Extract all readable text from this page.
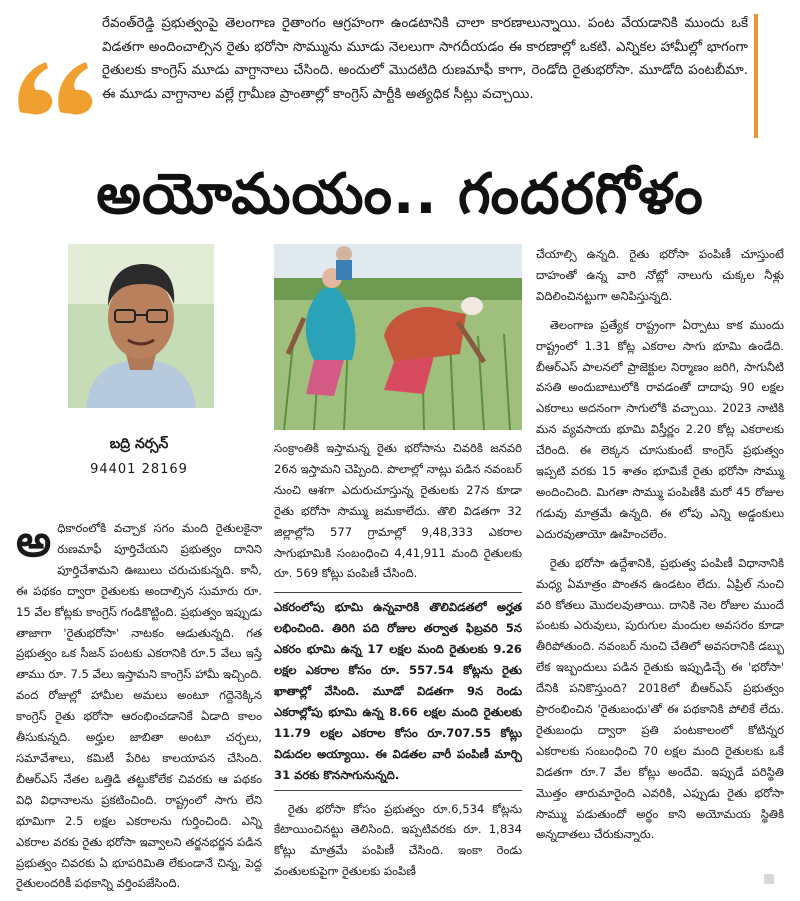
రేవంత్‌రెడ్డి ప్రభుత్వంపై తెలంగాణ రైతాంగం ఆగ్రహంగా ఉండటానికి చాలా కారణాలున్నాయి. పంట వేయడానికి ముందు ఒకే విడతగా అందించాల్సిన రైతు భరోసా సొమ్మును మూడు నెలలుగా సాగదీయడం ఈ కారణాల్లో ఒకటి. ఎన్నికల హామీల్లో భాగంగా రైతులకు కాంగ్రెస్ మూడు వాగ్దానాలు చేసింది. అందులో మొదటిది రుణమాఫీ కాగా, రెండోది రైతుభరోసా. మూడోది పంటబీమా. ఈ మూడు వాగ్దానాల వల్లే గ్రామీణ ప్రాంతాల్లో కాంగ్రెస్ పార్టీకి అత్యధిక సీట్లు వచ్చాయి.
అయోమయం.. గందరగోళం
బద్రి నర్సన్
94401 28169

అధికారంలోకి వచ్చాక సగం మంది రైతులకైనా రుణమాఫీ పూర్తిచేయని ప్రభుత్వం దానిని పూర్తిచేశామని ఊబులు చరుచుకున్నది. కానీ, ఈ పథకం ద్వారా రైతులకు అందాల్సిన సుమారు రూ. 15 వేల కోట్లకు కాంగ్రెస్ గండికొట్టింది. ప్రభుత్వం ఇప్పుడు తాజాగా 'రైతుభరోసా' నాటకం ఆడుతున్నది. గత ప్రభుత్వం ఒక సీజన్ పంటకు ఎకరానికి రూ.5 వేలు ఇస్తే తాము రూ. 7.5 వేలు ఇస్తామని కాంగ్రెస్ హామీ ఇచ్చింది. వంద రోజుల్లో హామీల అమలు అంటూ గద్దెనెక్కిన కాంగ్రెస్ రైతు భరోసా ఆరంభించడానికే ఏడాది కాలం తీసుకున్నది. అర్హుల జాబితా అంటూ చర్చలు, సమావేశాలు, కమిటీ పేరిట కాలయాపన చేసింది. బీఆర్‌ఎస్ నేతల ఒత్తిడి తట్టుకోలేక చివరకు ఆ పథకం విధి విధానాలను ప్రకటించింది. రాష్ట్రంలో సాగు లేని భూమిగా 2.5 లక్షల ఎకరాలను గుర్తించింది. ఎన్ని ఎకరాల వరకు రైతు భరోసా ఇవ్వాలని తర్జనభర్జన పడిన ప్రభుత్వం చివరకు ఏ భూపరిమితి లేకుండానే చిన్న, పెద్ద రైతులందరికీ పథకాన్ని వర్తింపజేసింది.

సంక్రాంతికి ఇస్తామన్న రైతు భరోసాను చివరికి జనవరి 26న ఇస్తామని చెప్పింది. పొలాల్లో నాట్లు పడిన నవంబర్ నుంచి ఆశగా ఎదురుచూస్తున్న రైతులకు 27న కూడా రైతు భరోసా సొమ్ము జమకాలేదు. తొలి విడతగా 32 జిల్లాల్లోని 577 గ్రామాల్లో 9,48,333 ఎకరాల సాగుభూమికి సంబంధించి 4,41,911 మంది రైతులకు రూ. 569 కోట్లు పంపిణీ చేసింది.

ఎకరంలోపు భూమి ఉన్నవారికి తొలివిడతలో అర్హత లభించింది. తిరిగి పది రోజుల తర్వాత ఫిబ్రవరి 5న ఎకరం భూమి ఉన్న 17 లక్షల మంది రైతులకు 9.26 లక్షల ఎకరాల కోసం రూ. 557.54 కోట్లను రైతు ఖాతాల్లో వేసింది. మూడో విడతగా 9న రెండు ఎకరాల్లోపు భూమి ఉన్న 8.66 లక్షల మంది రైతులకు 11.79 లక్షల ఎకరాల కోసం రూ.707.55 కోట్లు విడుదల అయ్యాయి. ఈ విడతల వారీ పంపిణీ మార్చి 31 వరకు కొనసాగునున్నది.

రైతు భరోసా కోసం ప్రభుత్వం రూ.6,534 కోట్లను కేటాయించినట్టు తెలిసింది. ఇప్పటివరకు రూ. 1,834 కోట్లు మాత్రమే పంపిణీ చేసింది. ఇంకా రెండు వంతులకుపైగా రైతులకు పంపిణీ

చేయాల్సి ఉన్నది. రైతు భరోసా పంపిణీ చూస్తుంటే దాహంతో ఉన్న వారి నోట్లో నాలుగు చుక్కల నీళ్లు విదిలించినట్టుగా అనిపిస్తున్నది.

తెలంగాణ ప్రత్యేక రాష్ట్రంగా ఏర్పాటు కాక ముందు రాష్ట్రంలో 1.31 కోట్ల ఎకరాల సాగు భూమి ఉండేది. బీఆర్‌ఎస్ పాలనలో ప్రాజెక్టుల నిర్మాణం జరిగి, సాగునీటి వసతి అందుబాటులోకి రావడంతో దాదాపు 90 లక్షల ఎకరాలు అదనంగా సాగులోకి వచ్చాయి. 2023 నాటికి మన వ్యవసాయ భూమి విస్తీర్ణం 2.20 కోట్ల ఎకరాలకు చేరింది. ఈ లెక్కన చూసుకుంటే కాంగ్రెస్ ప్రభుత్వం ఇప్పటి వరకు 15 శాతం భూమికే రైతు భరోసా సొమ్ము అందించింది. మిగతా సొమ్ము పంపిణీకి మరో 45 రోజుల గడువు మాత్రమే ఉన్నది. ఈ లోపు ఎన్ని అడ్డంకులు ఎదురవుతాయో ఊహించలేం.

రైతు భరోసా ఉద్దేశానికి, ప్రభుత్వ పంపిణీ విధానానికి మధ్య ఏమాత్రం పొంతన ఉండటం లేదు. ఏప్రిల్ నుంచి వరి కోతలు మొదలవుతాయి. దానికి నెల రోజుల ముందే పంటకు ఎరువులు, పురుగుల మందుల అవసరం కూడా తీరిపోతుంది. నవంబర్ నుంచి చేతిలో అవసరానికి డబ్బు లేక ఇబ్బందులు పడిన రైతుకు ఇప్పుడిచ్చే ఈ 'భరోసా' దేనికి పనికొస్తుంది? 2018లో బీఆర్‌ఎస్ ప్రభుత్వం ప్రారంభించిన 'రైతుబంధు'తో ఈ పథకానికి పోలికే లేదు. రైతుబంధు ద్వారా ప్రతి పంటకాలంలో కోటిన్నర ఎకరాలకు సంబంధించి 70 లక్షల మంది రైతులకు ఒకే విడతగా రూ.7 వేల కోట్లు అందేవి. ఇప్పుడే పరిస్థితి మొత్తం తారుమారైంది ఎవరికి, ఎప్పుడు రైతు భరోసా సొమ్ము పడుతుందో అర్థం కాని అయోమయ స్థితికి అన్నదాతలు చేరుకున్నారు.
